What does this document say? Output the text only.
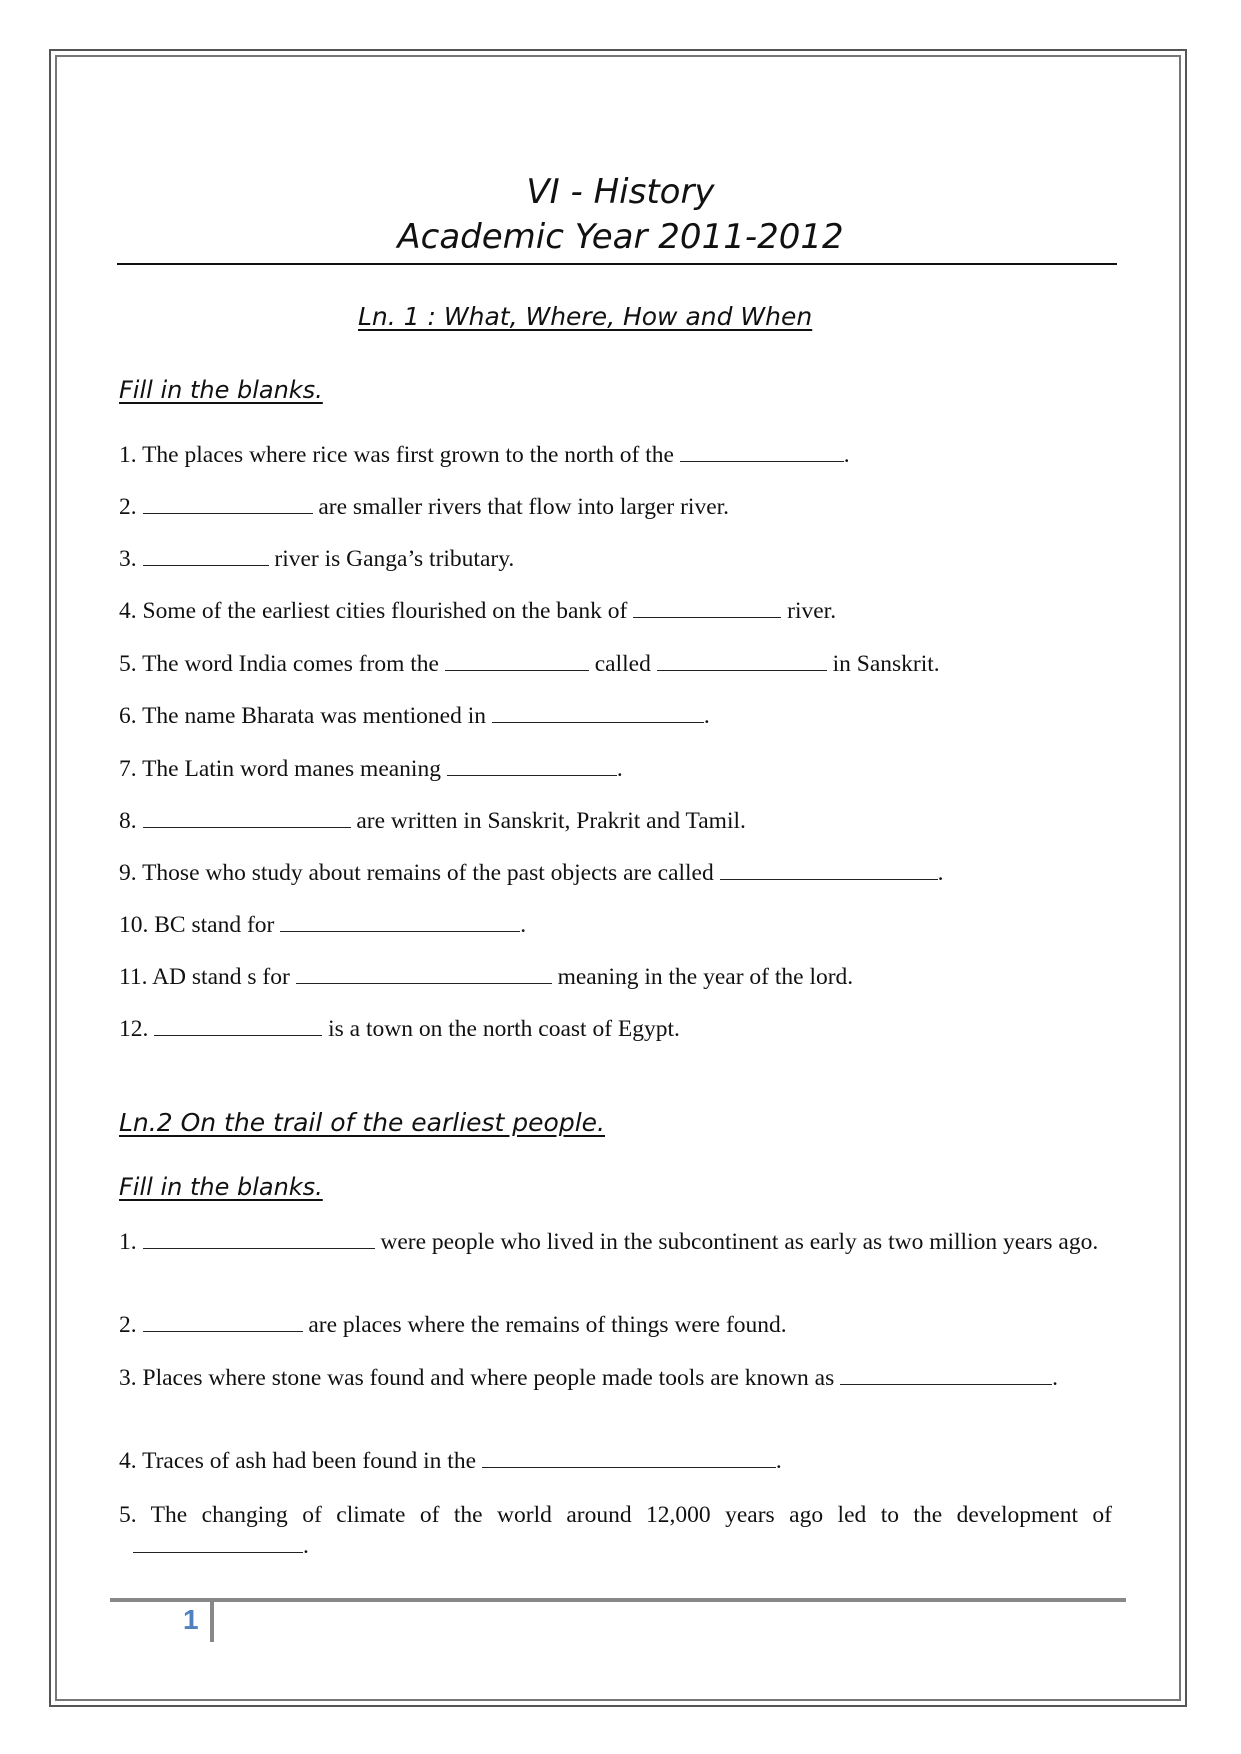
VI - History
Academic Year 2011-2012
Ln. 1 : What, Where, How and When
Fill in the blanks.
1. The places where rice was first grown to the north of the	.
2.	are smaller rivers that flow into larger river.
3.	river is Ganga’s tributary.
4. Some of the earliest cities flourished on the bank of	river.
5. The word India comes from the	called	in Sanskrit.
6. The name Bharata was mentioned in	.
7. The Latin word manes meaning	.
8.	are written in Sanskrit, Prakrit and Tamil.
9. Those who study about remains of the past objects are called	.
10. BC stand for	.
11. AD stand s for	meaning in the year of the lord.
12.	is a town on the north coast of Egypt.
Ln.2 On the trail of the earliest people.
Fill in the blanks.
1.	were people who lived in the subcontinent as early as two million years ago.
2.	are places where the remains of things were found.
3. Places where stone was found and where people made tools are known as	.
4. Traces of ash had been found in the	.
5. The changing of climate of the world around 12,000 years ago led to the development of .
1
